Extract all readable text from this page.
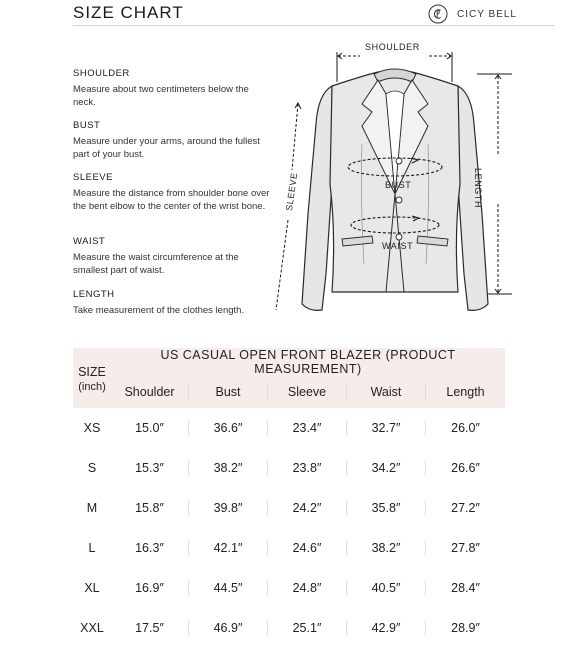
SIZE CHART	CICY BELL
SHOULDER
Measure about two centimeters below the neck.
BUST
Measure under your arms, around the fullest part of your bust.
SLEEVE
Measure the distance from shoulder bone over the bent elbow to the center of the wrist bone.
WAIST
Measure the waist circumference at the smallest part of waist.
LENGTH
Take measurement of the clothes length.
SHOULDER
LENGTH
SLEEVE	BUST
WAIST
SIZE
(inch)	US CASUAL OPEN FRONT BLAZER (PRODUCT MEASUREMENT)				

	Shoulder	Bust	Sleeve	Waist	Length

XS	15.0″	36.6″	23.4″	32.7″	26.0″

S	15.3″	38.2″	23.8″	34.2″	26.6″

M	15.8″	39.8″	24.2″	35.8″	27.2″

L	16.3″	42.1″	24.6″	38.2″	27.8″

XL	16.9″	44.5″	24.8″	40.5″	28.4″

XXL	17.5″	46.9″	25.1″	42.9″	28.9″
